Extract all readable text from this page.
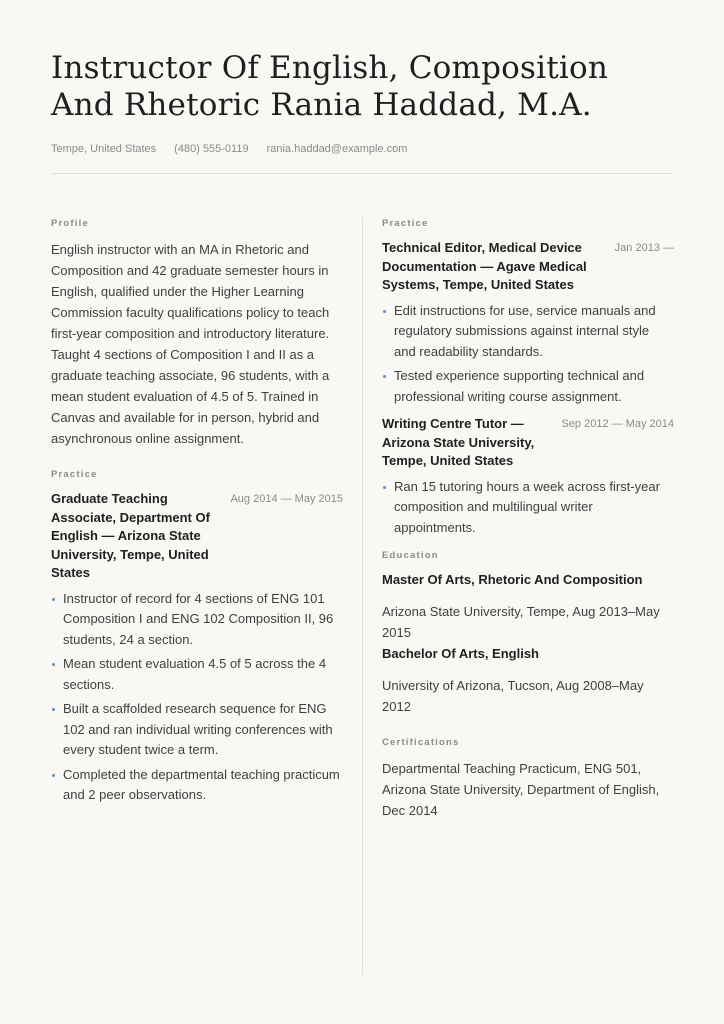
Instructor Of English, Composition And Rhetoric Rania Haddad, M.A.
Tempe, United States (480) 555-0119 rania.haddad@example.com
Profile

English instructor with an MA in Rhetoric and Composition and 42 graduate semester hours in English, qualified under the Higher Learning Commission faculty qualifications policy to teach first-year composition and introductory literature. Taught 4 sections of Composition I and II as a graduate teaching associate, 96 students, with a mean student evaluation of 4.5 of 5. Trained in Canvas and available for in person, hybrid and asynchronous online assignment.

Practice
Graduate Teaching Associate, Department Of English — Arizona State University, Tempe, United States
Aug 2014 — May 2015
Instructor of record for 4 sections of ENG 101 Composition I and ENG 102 Composition II, 96 students, 24 a section.
Mean student evaluation 4.5 of 5 across the 4 sections.
Built a scaffolded research sequence for ENG 102 and ran individual writing conferences with every student twice a term.
Completed the departmental teaching practicum and 2 peer observations.
Practice
Technical Editor, Medical Device Documentation — Agave Medical Systems, Tempe, United States
Jan 2013 —
Edit instructions for use, service manuals and regulatory submissions against internal style and readability standards.
Tested experience supporting technical and professional writing course assignment.
Writing Centre Tutor — Arizona State University, Tempe, United States
Sep 2012 — May 2014
Ran 15 tutoring hours a week across first-year composition and multilingual writer appointments.
Education
Master Of Arts, Rhetoric And Composition
Arizona State University, Tempe, Aug 2013–May 2015
Bachelor Of Arts, English
University of Arizona, Tucson, Aug 2008–May 2012
Certifications

Departmental Teaching Practicum, ENG 501, Arizona State University, Department of English, Dec 2014
